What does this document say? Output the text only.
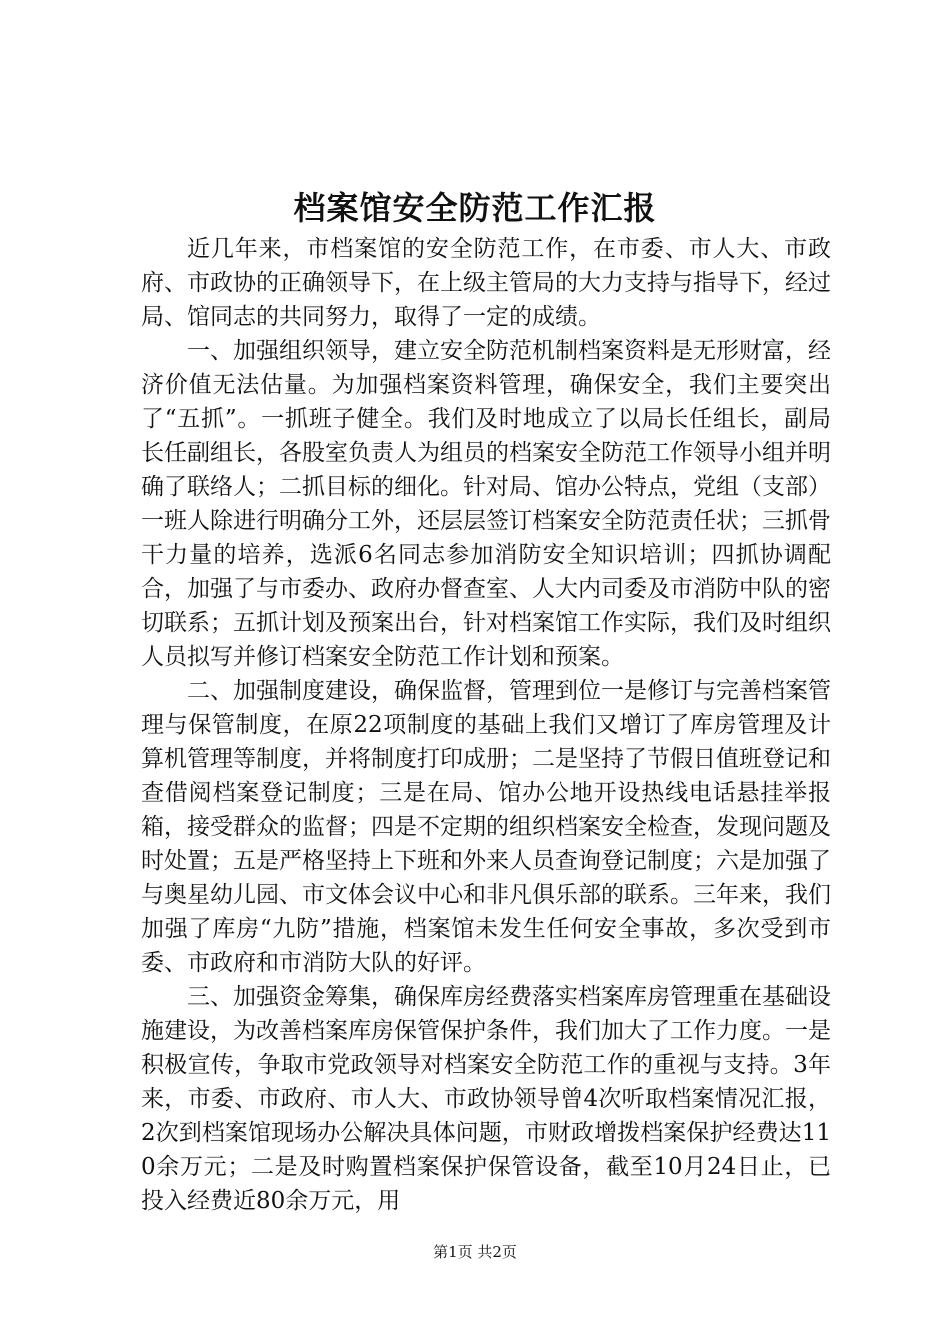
档案馆安全防范工作汇报

近几年来，市档案馆的安全防范工作，在市委、市人大、市政府、市政协的正确领导下，在上级主管局的大力支持与指导下，经过局、馆同志的共同努力，取得了一定的成绩。

一、加强组织领导，建立安全防范机制档案资料是无形财富，经济价值无法估量。为加强档案资料管理，确保安全，我们主要突出了“五抓”。一抓班子健全。我们及时地成立了以局长任组长，副局长任副组长，各股室负责人为组员的档案安全防范工作领导小组并明确了联络人；二抓目标的细化。针对局、馆办公特点，党组（支部）一班人除进行明确分工外，还层层签订档案安全防范责任状；三抓骨干力量的培养，选派6名同志参加消防安全知识培训；四抓协调配合，加强了与市委办、政府办督查室、人大内司委及市消防中队的密切联系；五抓计划及预案出台，针对档案馆工作实际，我们及时组织人员拟写并修订档案安全防范工作计划和预案。

二、加强制度建设，确保监督，管理到位一是修订与完善档案管理与保管制度，在原22项制度的基础上我们又增订了库房管理及计算机管理等制度，并将制度打印成册；二是坚持了节假日值班登记和查借阅档案登记制度；三是在局、馆办公地开设热线电话悬挂举报箱，接受群众的监督；四是不定期的组织档案安全检查，发现问题及时处置；五是严格坚持上下班和外来人员查询登记制度；六是加强了与奥星幼儿园、市文体会议中心和非凡俱乐部的联系。三年来，我们加强了库房“九防”措施，档案馆未发生任何安全事故，多次受到市委、市政府和市消防大队的好评。

三、加强资金筹集，确保库房经费落实档案库房管理重在基础设施建设，为改善档案库房保管保护条件，我们加大了工作力度。一是积极宣传，争取市党政领导对档案安全防范工作的重视与支持。3年来，市委、市政府、市人大、市政协领导曾4次听取档案情况汇报，2次到档案馆现场办公解决具体问题，市财政增拨档案保护经费达110余万元；二是及时购置档案保护保管设备，截至10月24日止，已投入经费近80余万元，用

第1页 共2页
